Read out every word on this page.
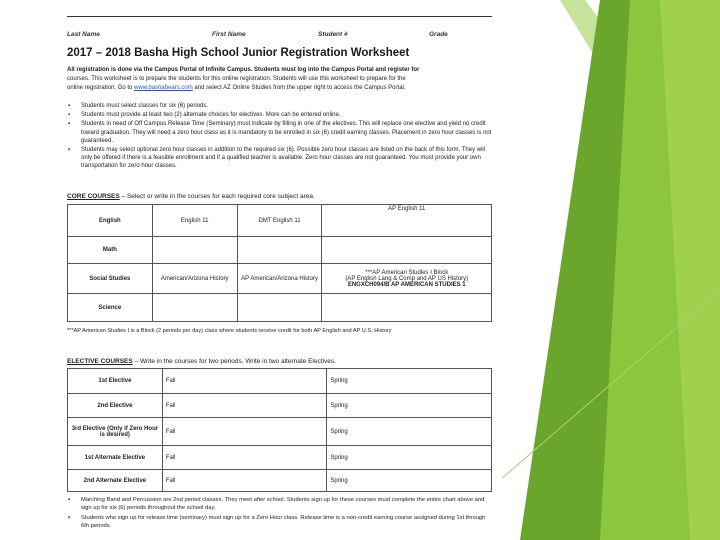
Last Name	First Name	Student #	Grade
2017 – 2018 Basha High School Junior Registration Worksheet
All registration is done via the Campus Portal of Infinite Campus. Students must log into the Campus Portal and register for
courses. This worksheet is to prepare the students for this online registration. Students will use this worksheet to prepare for the
online registration. Go to www.bashabears.com and select AZ Online Studies from the upper right to access the Campus Portal.
▪ Students must select classes for six (6) periods.
▪ Students must provide at least two (2) alternate choices for electives. More can be entered online.
▪ Students in need of Off Campus Release Time (Seminary) must indicate by filling in one of the electives. This will replace one elective and yield no credit toward graduation. They will need a zero hour class as it is mandatory to be enrolled in six (6) credit earning classes. Placement in zero hour classes is not guaranteed.
▪ Students may select optional zero hour classes in addition to the required six (6). Possible zero hour classes are listed on the back of this form. They will only be offered if there is a feasible enrollment and if a qualified teacher is available. Zero hour classes are not guaranteed. You must provide your own transportation for zero hour classes.
CORE COURSES – Select or write in the courses for each required core subject area.
English	English 11	DMT English 11	AP English 11
Math			
Social Studies	American/Arizona History	AP American/Arizona History	***AP American Studies I Block
(AP English Lang & Comp and AP US History)
ENGXCH094/B AP AMERICAN STUDIES 1

Science			
***AP American Studies I is a Block (2 periods per day) class where students receive credit for both AP English and AP U.S. History
ELECTIVE COURSES – Write in the courses for two periods. Write in two alternate Electives.
1st Elective	Fall	Spring
2nd Elective	Fall	Spring
3rd Elective (Only if Zero Hour is desired)	Fall	Spring
1st Alternate Elective	Fall	Spring
2nd Alternate Elective	Fall	Spring
▪ Marching Band and Percussion are 2nd period classes. They meet after school. Students sign up for these courses must complete the entire chart above and sign up for six (6) periods throughout the school day.
▪ Students who sign up for release time (seminary) must sign up for a Zero Hour class. Release time is a non-credit earning course assigned during 1st through 6th periods.
